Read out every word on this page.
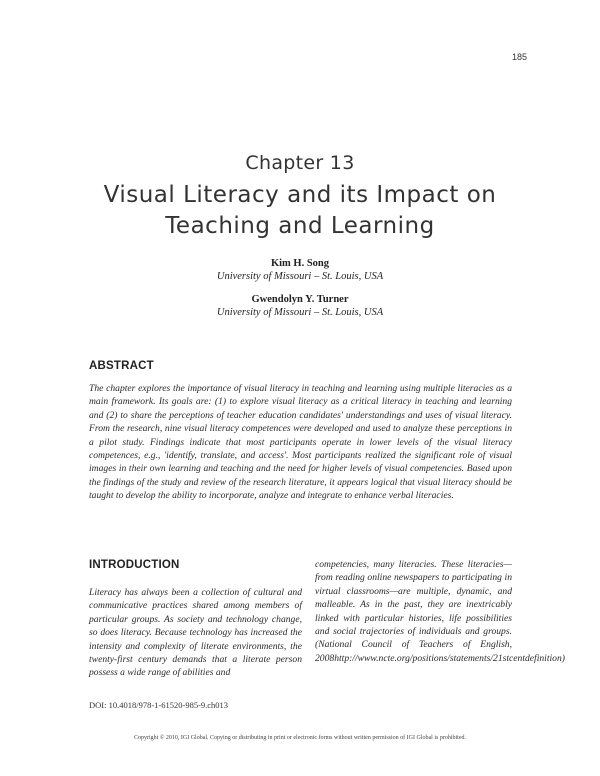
185
Chapter 13
Visual Literacy and its Impact on Teaching and Learning
Kim H. Song
University of Missouri – St. Louis, USA
Gwendolyn Y. Turner
University of Missouri – St. Louis, USA
ABSTRACT
The chapter explores the importance of visual literacy in teaching and learning using multiple literacies as a main framework. Its goals are: (1) to explore visual literacy as a critical literacy in teaching and learning and (2) to share the perceptions of teacher education candidates' understandings and uses of visual literacy. From the research, nine visual literacy competences were developed and used to analyze these perceptions in a pilot study. Findings indicate that most participants operate in lower levels of the visual literacy competences, e.g., 'identify, translate, and access'. Most participants realized the significant role of visual images in their own learning and teaching and the need for higher levels of visual competencies. Based upon the findings of the study and review of the research literature, it appears logical that visual literacy should be taught to develop the ability to incorporate, analyze and integrate to enhance verbal literacies.
INTRODUCTION
Literacy has always been a collection of cultural and communicative practices shared among members of particular groups. As society and technology change, so does literacy. Because technology has increased the intensity and complexity of literate environments, the twenty-first century demands that a literate person possess a wide range of abilities and
competencies, many literacies. These literacies—from reading online newspapers to participating in virtual classrooms—are multiple, dynamic, and malleable. As in the past, they are inextricably linked with particular histories, life possibilities and social trajectories of individuals and groups. (National Council of Teachers of English, 2008http://www.ncte.org/positions/statements/21stcentdefinition)
DOI: 10.4018/978-1-61520-985-9.ch013
Copyright © 2010, IGI Global. Copying or distributing in print or electronic forms without written permission of IGI Global is prohibited.
